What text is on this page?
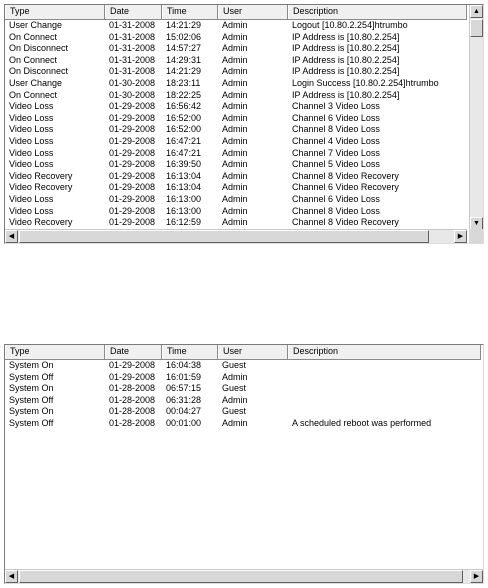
Type	Date	Time	User	Description
User Change	01-31-2008	14:21:29	Admin	Logout [10.80.2.254]htrumbo
On Connect	01-31-2008	15:02:06	Admin	IP Address is [10.80.2.254]
On Disconnect	01-31-2008	14:57:27	Admin	IP Address is [10.80.2.254]
On Connect	01-31-2008	14:29:31	Admin	IP Address is [10.80.2.254]
On Disconnect	01-31-2008	14:21:29	Admin	IP Address is [10.80.2.254]
User Change	01-30-2008	18:23:11	Admin	Login Success [10.80.2.254]htrumbo
On Connect	01-30-2008	18:22:25	Admin	IP Address is [10.80.2.254]
Video Loss	01-29-2008	16:56:42	Admin	Channel 3 Video Loss
Video Loss	01-29-2008	16:52:00	Admin	Channel 6 Video Loss
Video Loss	01-29-2008	16:52:00	Admin	Channel 8 Video Loss
Video Loss	01-29-2008	16:47:21	Admin	Channel 4 Video Loss
Video Loss	01-29-2008	16:47:21	Admin	Channel 7 Video Loss
Video Loss	01-29-2008	16:39:50	Admin	Channel 5 Video Loss
Video Recovery	01-29-2008	16:13:04	Admin	Channel 8 Video Recovery
Video Recovery	01-29-2008	16:13:04	Admin	Channel 6 Video Recovery
Video Loss	01-29-2008	16:13:00	Admin	Channel 6 Video Loss
Video Loss	01-29-2008	16:13:00	Admin	Channel 8 Video Loss
Video Recovery	01-29-2008	16:12:59	Admin	Channel 8 Video Recovery
▲
▼
◀	▶
Type	Date	Time	User	Description
System On	01-29-2008	16:04:38	Guest
System Off	01-29-2008	16:01:59	Admin
System On	01-28-2008	06:57:15	Guest
System Off	01-28-2008	06:31:28	Admin
System On	01-28-2008	00:04:27	Guest
System Off	01-28-2008	00:01:00	Admin	A scheduled reboot was performed
◀	▶
